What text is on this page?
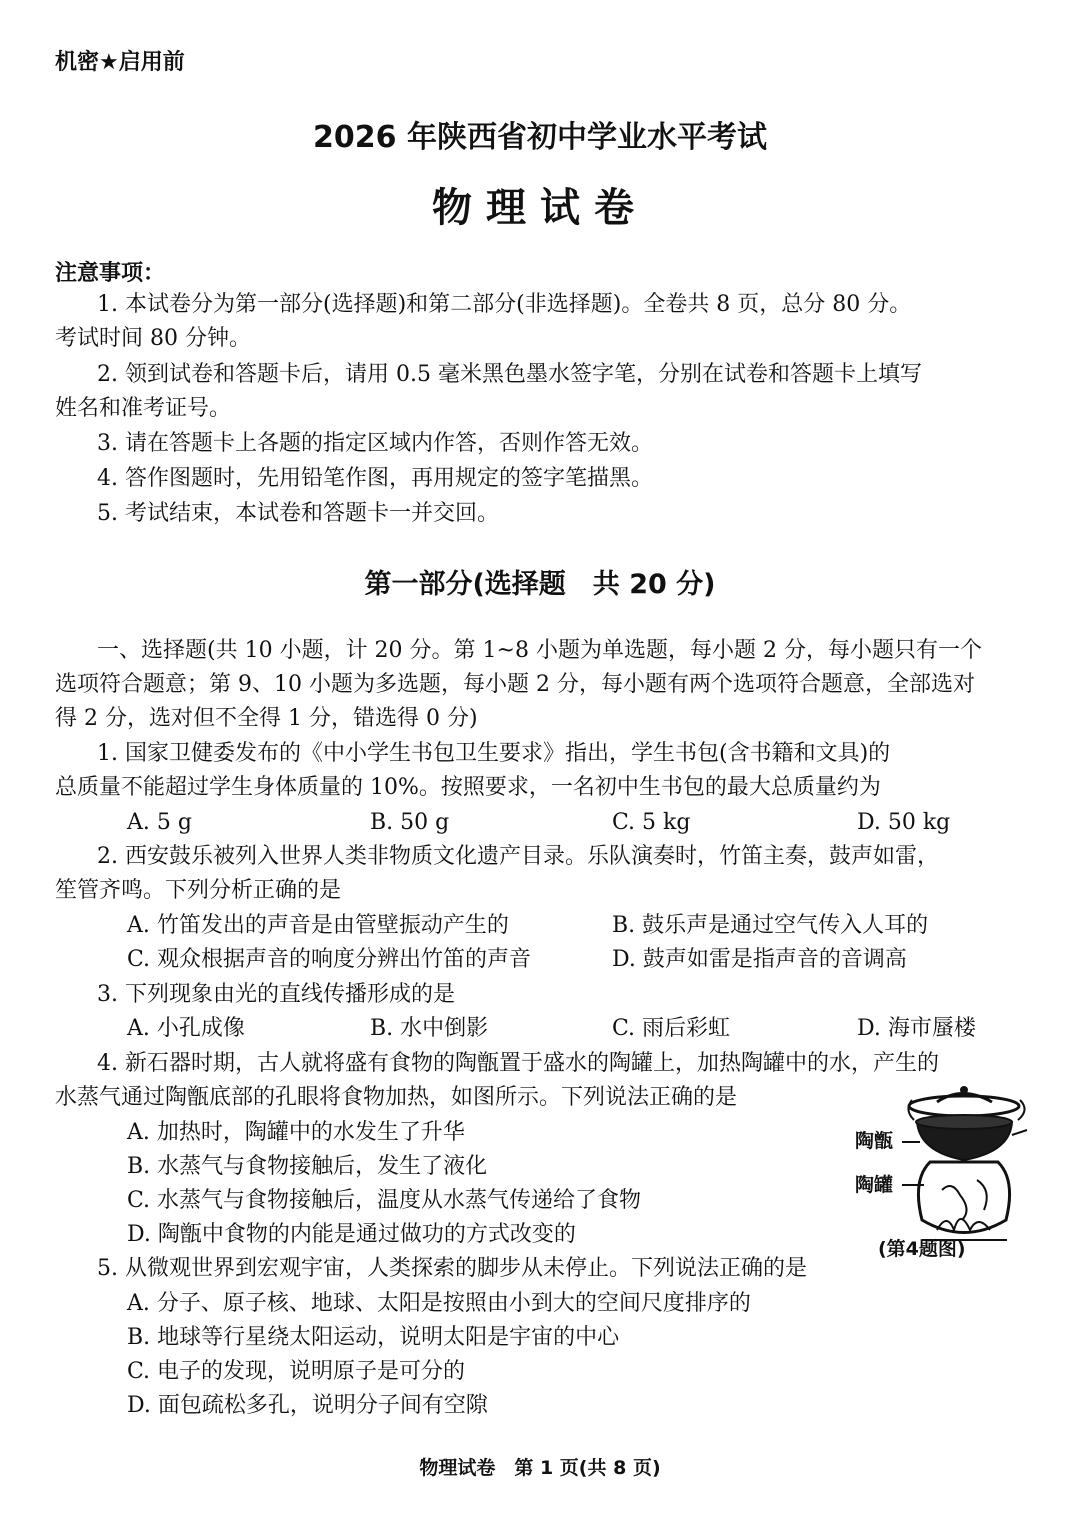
机密★启用前
2026 年陕西省初中学业水平考试
物理试卷
注意事项：
1. 本试卷分为第一部分(选择题)和第二部分(非选择题)。全卷共 8 页，总分 80 分。
考试时间 80 分钟。
2. 领到试卷和答题卡后，请用 0.5 毫米黑色墨水签字笔，分别在试卷和答题卡上填写
姓名和准考证号。
3. 请在答题卡上各题的指定区域内作答，否则作答无效。
4. 答作图题时，先用铅笔作图，再用规定的签字笔描黑。
5. 考试结束，本试卷和答题卡一并交回。
第一部分(选择题　共 20 分)
一、选择题(共 10 小题，计 20 分。第 1~8 小题为单选题，每小题 2 分，每小题只有一个
选项符合题意；第 9、10 小题为多选题，每小题 2 分，每小题有两个选项符合题意，全部选对
得 2 分，选对但不全得 1 分，错选得 0 分)
1. 国家卫健委发布的《中小学生书包卫生要求》指出，学生书包(含书籍和文具)的
总质量不能超过学生身体质量的 10%。按照要求，一名初中生书包的最大总质量约为
A. 5 g	B. 50 g	C. 5 kg	D. 50 kg
2. 西安鼓乐被列入世界人类非物质文化遗产目录。乐队演奏时，竹笛主奏，鼓声如雷，
笙管齐鸣。下列分析正确的是
A. 竹笛发出的声音是由管壁振动产生的	B. 鼓乐声是通过空气传入人耳的
C. 观众根据声音的响度分辨出竹笛的声音	D. 鼓声如雷是指声音的音调高
3. 下列现象由光的直线传播形成的是
A. 小孔成像	B. 水中倒影	C. 雨后彩虹	D. 海市蜃楼
4. 新石器时期，古人就将盛有食物的陶甑置于盛水的陶罐上，加热陶罐中的水，产生的
水蒸气通过陶甑底部的孔眼将食物加热，如图所示。下列说法正确的是
A. 加热时，陶罐中的水发生了升华
B. 水蒸气与食物接触后，发生了液化
C. 水蒸气与食物接触后，温度从水蒸气传递给了食物
D. 陶甑中食物的内能是通过做功的方式改变的
陶甑
陶罐
(第4题图)
5. 从微观世界到宏观宇宙，人类探索的脚步从未停止。下列说法正确的是
A. 分子、原子核、地球、太阳是按照由小到大的空间尺度排序的
B. 地球等行星绕太阳运动，说明太阳是宇宙的中心
C. 电子的发现，说明原子是可分的
D. 面包疏松多孔，说明分子间有空隙
物理试卷　第 1 页(共 8 页)
